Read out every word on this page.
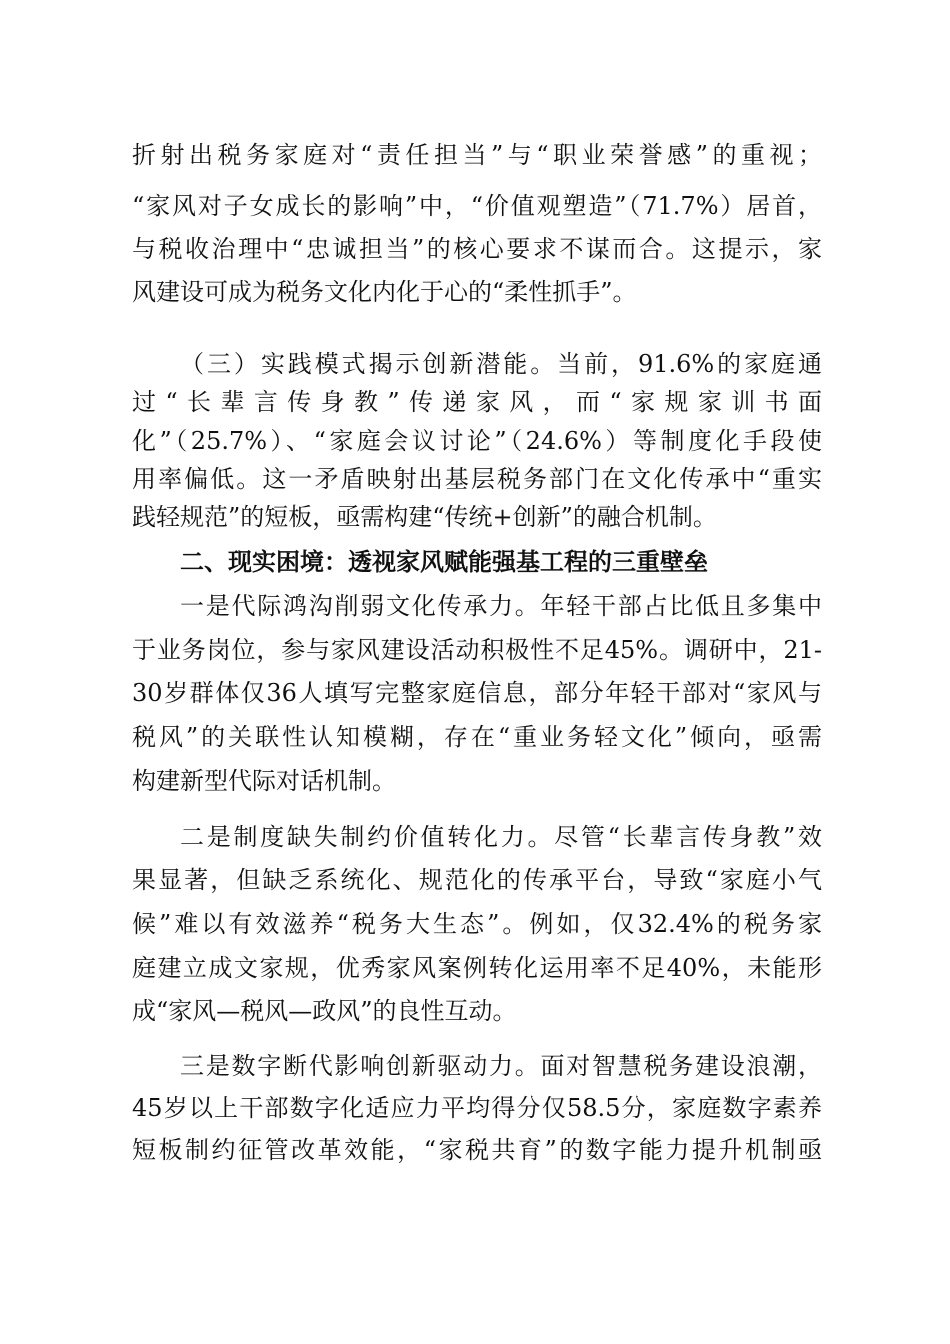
折射出税务家庭对“责任担当”与“职业荣誉感”的重视；
“家风对子女成长的影响”中，“价值观塑造”（71.7%）居首，
与税收治理中“忠诚担当”的核心要求不谋而合。这提示，家
风建设可成为税务文化内化于心的“柔性抓手”。
（三）实践模式揭示创新潜能。当前，91.6%的家庭通
过“长辈言传身教”传递家风，而“家规家训书面
化”（25.7%）、“家庭会议讨论”（24.6%）等制度化手段使
用率偏低。这一矛盾映射出基层税务部门在文化传承中“重实
践轻规范”的短板，亟需构建“传统+创新”的融合机制。
二、现实困境：透视家风赋能强基工程的三重壁垒
一是代际鸿沟削弱文化传承力。年轻干部占比低且多集中
于业务岗位，参与家风建设活动积极性不足45%。调研中，21-
30岁群体仅36人填写完整家庭信息，部分年轻干部对“家风与
税风”的关联性认知模糊，存在“重业务轻文化”倾向，亟需
构建新型代际对话机制。
二是制度缺失制约价值转化力。尽管“长辈言传身教”效
果显著，但缺乏系统化、规范化的传承平台，导致“家庭小气
候”难以有效滋养“税务大生态”。例如，仅32.4%的税务家
庭建立成文家规，优秀家风案例转化运用率不足40%，未能形
成“家风—税风—政风”的良性互动。
三是数字断代影响创新驱动力。面对智慧税务建设浪潮，
45岁以上干部数字化适应力平均得分仅58.5分，家庭数字素养
短板制约征管改革效能，“家税共育”的数字能力提升机制亟
